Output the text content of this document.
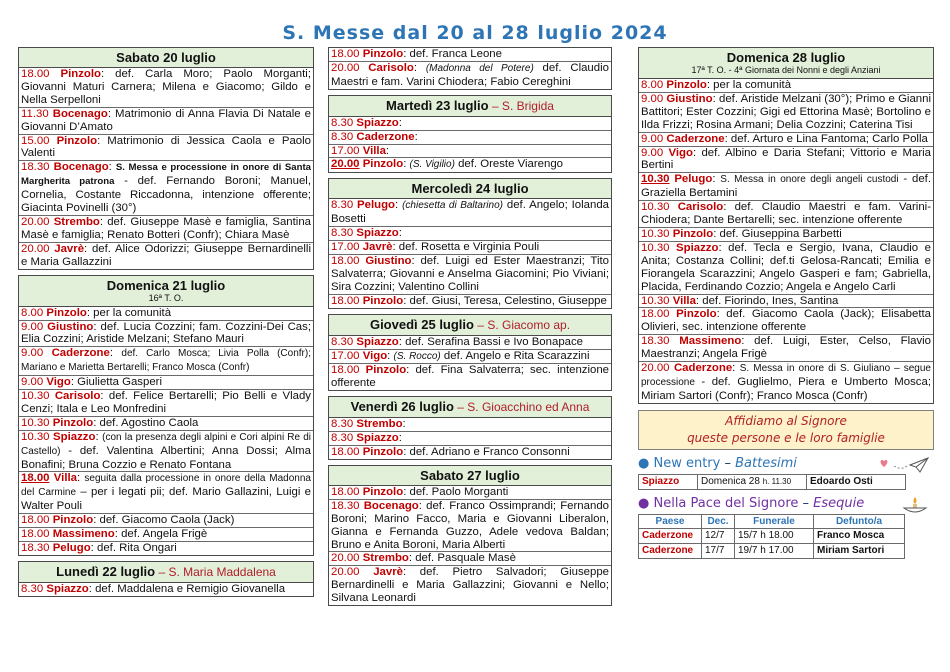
S. Messe dal 20 al 28 luglio 2024
Sabato 20 luglio
18.00 Pinzolo: def. Carla Moro; Paolo Morganti; Giovanni Maturi Carnera; Milena e Giacomo; Gildo e Nella Serpelloni
11.30 Bocenago: Matrimonio di Anna Flavia Di Natale e Giovanni D’Amato
15.00 Pinzolo: Matrimonio di Jessica Caola e Paolo Valenti
18.30 Bocenago: S. Messa e processione in onore di Santa Margherita patrona - def. Fernando Boroni; Manuel, Cornelia, Costante Riccadonna, intenzione offerente; Giacinta Povinelli (30°)
20.00 Strembo: def. Giuseppe Masè e famiglia, Santina Masè e famiglia; Renato Botteri (Confr); Chiara Masè
20.00 Javrè: def. Alice Odorizzi; Giuseppe Bernardinelli e Maria Gallazzini
Domenica 21 luglio
16ª T. O.
8.00 Pinzolo: per la comunità
9.00 Giustino: def. Lucia Cozzini; fam. Cozzini-Dei Cas; Elia Cozzini; Aristide Melzani; Stefano Mauri
9.00 Caderzone: def. Carlo Mosca; Livia Polla (Confr); Mariano e Marietta Bertarelli; Franco Mosca (Confr)
9.00 Vigo: Giulietta Gasperi
10.30 Carisolo: def. Felice Bertarelli; Pio Belli e Vlady Cenzi; Itala e Leo Monfredini
10.30 Pinzolo: def. Agostino Caola
10.30 Spiazzo: (con la presenza degli alpini e Cori alpini Re di Castello) - def. Valentina Albertini; Anna Dossi; Alma Bonafini; Bruna Cozzio e Renato Fontana
18.00 Villa: seguita dalla processione in onore della Madonna del Carmine – per i legati pii; def. Mario Gallazini, Luigi e Walter Pouli
18.00 Pinzolo: def. Giacomo Caola (Jack)
18.00 Massimeno: def. Angela Frigè
18.30 Pelugo: def. Rita Ongari
Lunedì 22 luglio – S. Maria Maddalena
8.30 Spiazzo: def. Maddalena e Remigio Giovanella
18.00 Pinzolo: def. Franca Leone
20.00 Carisolo: (Madonna del Potere) def. Claudio Maestri e fam. Varini Chiodera; Fabio Cereghini
Martedì 23 luglio – S. Brigida
8.30 Spiazzo:
8.30 Caderzone:
17.00 Villa:
20.00 Pinzolo: (S. Vigilio) def. Oreste Viarengo
Mercoledì 24 luglio
8.30 Pelugo: (chiesetta di Baltarino) def. Angelo; Iolanda Bosetti
8.30 Spiazzo:
17.00 Javrè: def. Rosetta e Virginia Pouli
18.00 Giustino: def. Luigi ed Ester Maestranzi; Tito Salvaterra; Giovanni e Anselma Giacomini; Pio Viviani; Sira Cozzini; Valentino Collini
18.00 Pinzolo: def. Giusi, Teresa, Celestino, Giuseppe
Giovedì 25 luglio – S. Giacomo ap.
8.30 Spiazzo: def. Serafina Bassi e Ivo Bonapace
17.00 Vigo: (S. Rocco) def. Angelo e Rita Scarazzini
18.00 Pinzolo: def. Fina Salvaterra; sec. intenzione offerente
Venerdì 26 luglio – S. Gioacchino ed Anna
8.30 Strembo:
8.30 Spiazzo:
18.00 Pinzolo: def. Adriano e Franco Consonni
Sabato 27 luglio
18.00 Pinzolo: def. Paolo Morganti
18.30 Bocenago: def. Franco Ossimprandi; Fernando Boroni; Marino Facco, Maria e Giovanni Liberalon, Gianna e Fernanda Guzzo, Adele vedova Baldan; Bruno e Anita Boroni, Maria Alberti
20.00 Strembo: def. Pasquale Masè
20.00 Javrè: def. Pietro Salvadori; Giuseppe Bernardinelli e Maria Gallazzini; Giovanni e Nello; Silvana Leonardi
Domenica 28 luglio
17ª T. O. - 4ª Giornata dei Nonni e degli Anziani
8.00 Pinzolo: per la comunità
9.00 Giustino: def. Aristide Melzani (30°); Primo e Gianni Battitori; Ester Cozzini; Gigi ed Ettorina Masè; Bortolino e Ilda Frizzi; Rosina Armani; Delia Cozzini; Caterina Tisi
9.00 Caderzone: def. Arturo e Lina Fantoma; Carlo Polla
9.00 Vigo: def. Albino e Daria Stefani; Vittorio e Maria Bertini
10.30 Pelugo: S. Messa in onore degli angeli custodi - def. Graziella Bertamini
10.30 Carisolo: def. Claudio Maestri e fam. Varini-Chiodera; Dante Bertarelli; sec. intenzione offerente
10.30 Pinzolo: def. Giuseppina Barbetti
10.30 Spiazzo: def. Tecla e Sergio, Ivana, Claudio e Anita; Costanza Collini; def.ti Gelosa-Rancati; Emilia e Fiorangela Scarazzini; Angelo Gasperi e fam; Gabriella, Placida, Ferdinando Cozzio; Angela e Angelo Carli
10.30 Villa: def. Fiorindo, Ines, Santina
18.00 Pinzolo: def. Giacomo Caola (Jack); Elisabetta Olivieri, sec. intenzione offerente
18.30 Massimeno: def. Luigi, Ester, Celso, Flavio Maestranzi; Angela Frigè
20.00 Caderzone: S. Messa in onore di S. Giuliano – segue processione - def. Guglielmo, Piera e Umberto Mosca; Miriam Sartori (Confr); Franco Mosca (Confr)
Affidiamo al Signore
queste persone e le loro famiglie
● New entry – Battesimi
Spiazzo	Domenica 28 h. 11.30	Edoardo Osti
● Nella Pace del Signore – Esequie
Paese	Dec.	Funerale	Defunto/a
Caderzone	12/7	15/7 h 18.00	Franco Mosca
Caderzone	17/7	19/7 h 17.00	Miriam Sartori
